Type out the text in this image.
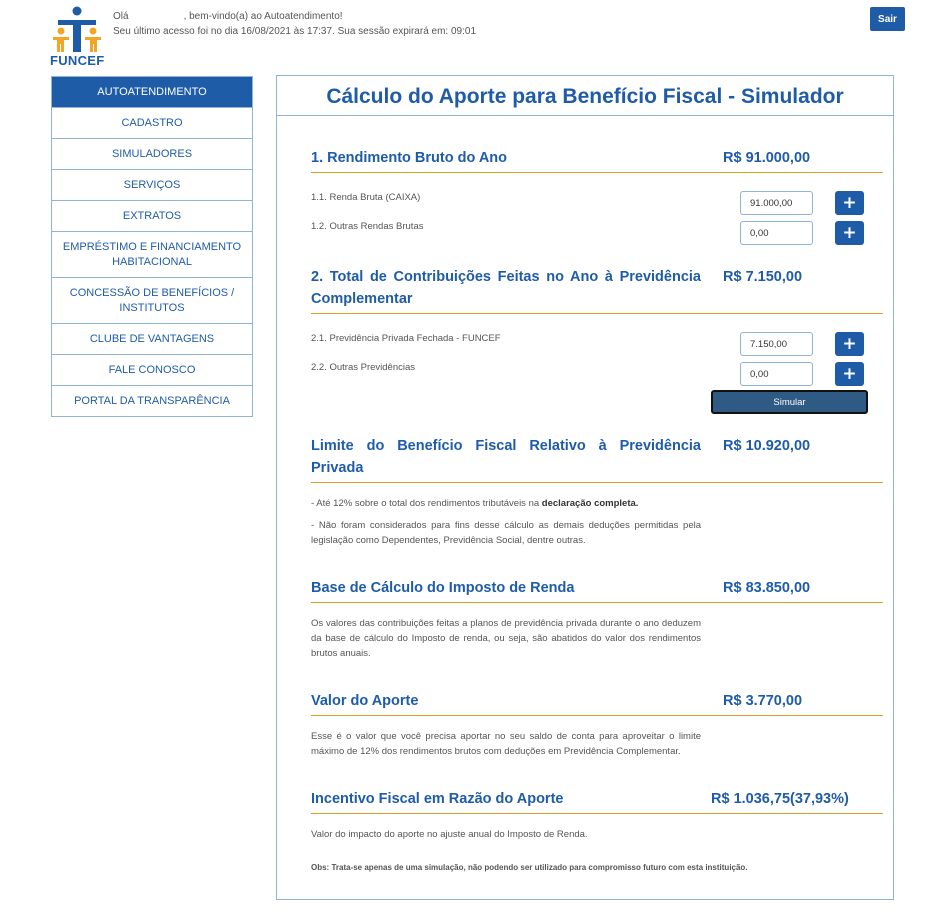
FUNCEF
Olá	, bem-vindo(a) ao Autoatendimento!
Seu último acesso foi no dia 16/08/2021 às 17:37. Sua sessão expirará em: 09:01
Sair
AUTOATENDIMENTO
CADASTRO
SIMULADORES
SERVIÇOS
EXTRATOS
EMPRÉSTIMO E FINANCIAMENTO HABITACIONAL
CONCESSÃO DE BENEFÍCIOS / INSTITUTOS
CLUBE DE VANTAGENS
FALE CONOSCO
PORTAL DA TRANSPARÊNCIA
Cálculo do Aporte para Benefício Fiscal - Simulador
1. Rendimento Bruto do Ano	R$ 91.000,00
1.1. Renda Bruta (CAIXA)
91.000,00	+
1.2. Outras Rendas Brutas
0,00	+
2. Total de Contribuições Feitas no Ano à Previdência Complementar
R$ 7.150,00
2.1. Previdência Privada Fechada - FUNCEF
7.150,00	+
2.2. Outras Previdências
0,00	+
Simular
Limite do Benefício Fiscal Relativo à Previdência Privada
R$ 10.920,00
- Até 12% sobre o total dos rendimentos tributáveis na declaração completa.
- Não foram considerados para fins desse cálculo as demais deduções permitidas pela legislação como Dependentes, Previdência Social, dentre outras.
Base de Cálculo do Imposto de Renda	R$ 83.850,00
Os valores das contribuições feitas a planos de previdência privada durante o ano deduzem da base de cálculo do Imposto de renda, ou seja, são abatidos do valor dos rendimentos brutos anuais.
Valor do Aporte	R$ 3.770,00
Esse é o valor que você precisa aportar no seu saldo de conta para aproveitar o limite máximo de 12% dos rendimentos brutos com deduções em Previdência Complementar.
Incentivo Fiscal em Razão do Aporte	R$ 1.036,75(37,93%)
Valor do impacto do aporte no ajuste anual do Imposto de Renda.
Obs: Trata-se apenas de uma simulação, não podendo ser utilizado para compromisso futuro com esta instituição.
